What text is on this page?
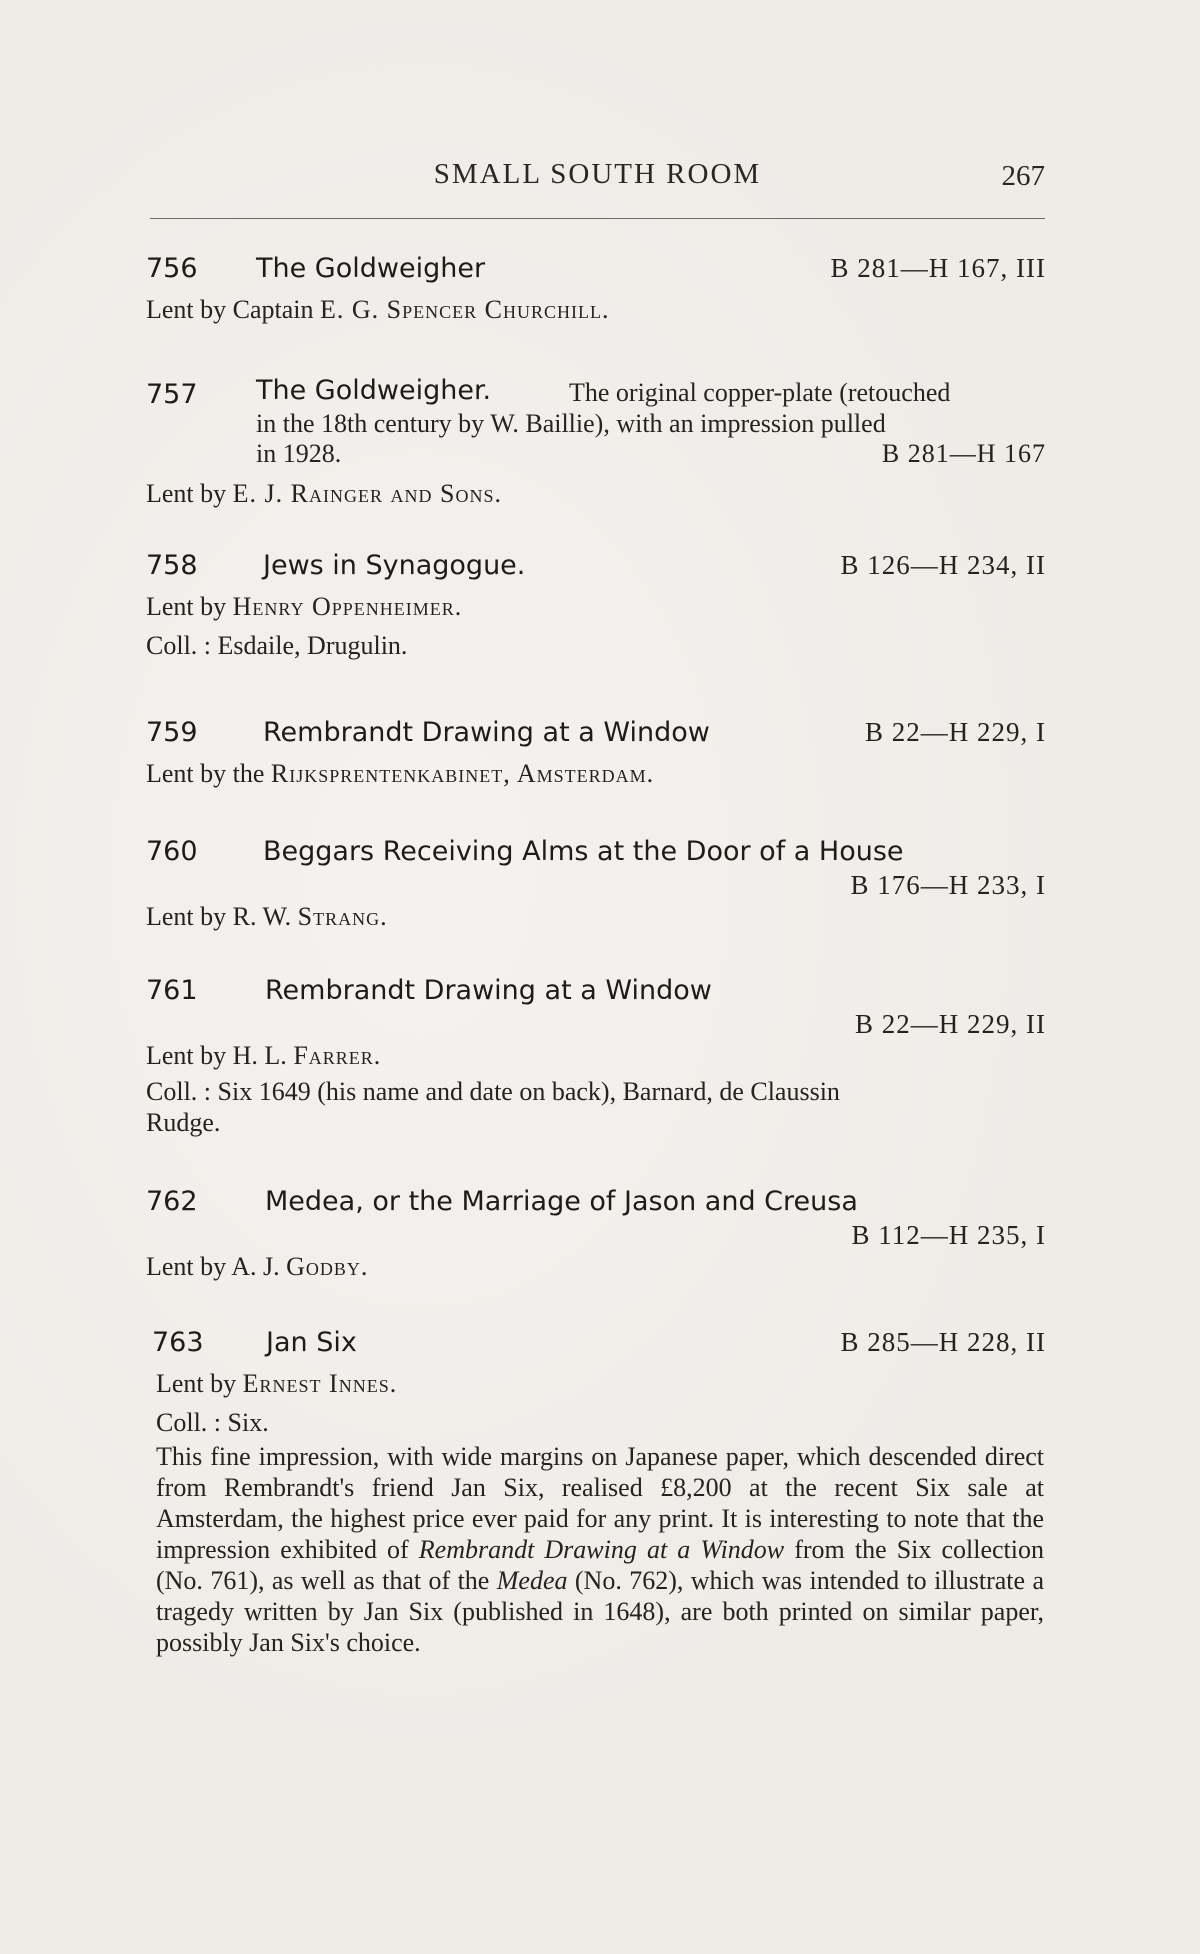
SMALL SOUTH ROOM	267
756 The Goldweigher	B 281—H 167, III
Lent by Captain E. G. Spencer Churchill.
757 The Goldweigher.	The original copper-plate (retouched
in the 18th century by W. Baillie), with an impression pulled
in 1928.	B 281—H 167
Lent by E. J. Rainger and Sons.
758 Jews in Synagogue.	B 126—H 234, II
Lent by Henry Oppenheimer.
Coll. : Esdaile, Drugulin.
759 Rembrandt Drawing at a Window	B 22—H 229, I
Lent by the Rijksprentenkabinet, Amsterdam.
760 Beggars Receiving Alms at the Door of a House
B 176—H 233, I
Lent by R. W. Strang.
761 Rembrandt Drawing at a Window
B 22—H 229, II
Lent by H. L. Farrer.
Coll. : Six 1649 (his name and date on back), Barnard, de Claussin
Rudge.
762 Medea, or the Marriage of Jason and Creusa
B 112—H 235, I
Lent by A. J. Godby.
763 Jan Six	B 285—H 228, II
Lent by Ernest Innes.
Coll. : Six.
This fine impression, with wide margins on Japanese paper, which descended direct from Rembrandt's friend Jan Six, realised £8,200 at the recent Six sale at Amsterdam, the highest price ever paid for any print. It is interesting to note that the impression exhibited of Rembrandt Drawing at a Window from the Six collection (No. 761), as well as that of the Medea (No. 762), which was intended to illustrate a tragedy written by Jan Six (published in 1648), are both printed on similar paper, possibly Jan Six's choice.
